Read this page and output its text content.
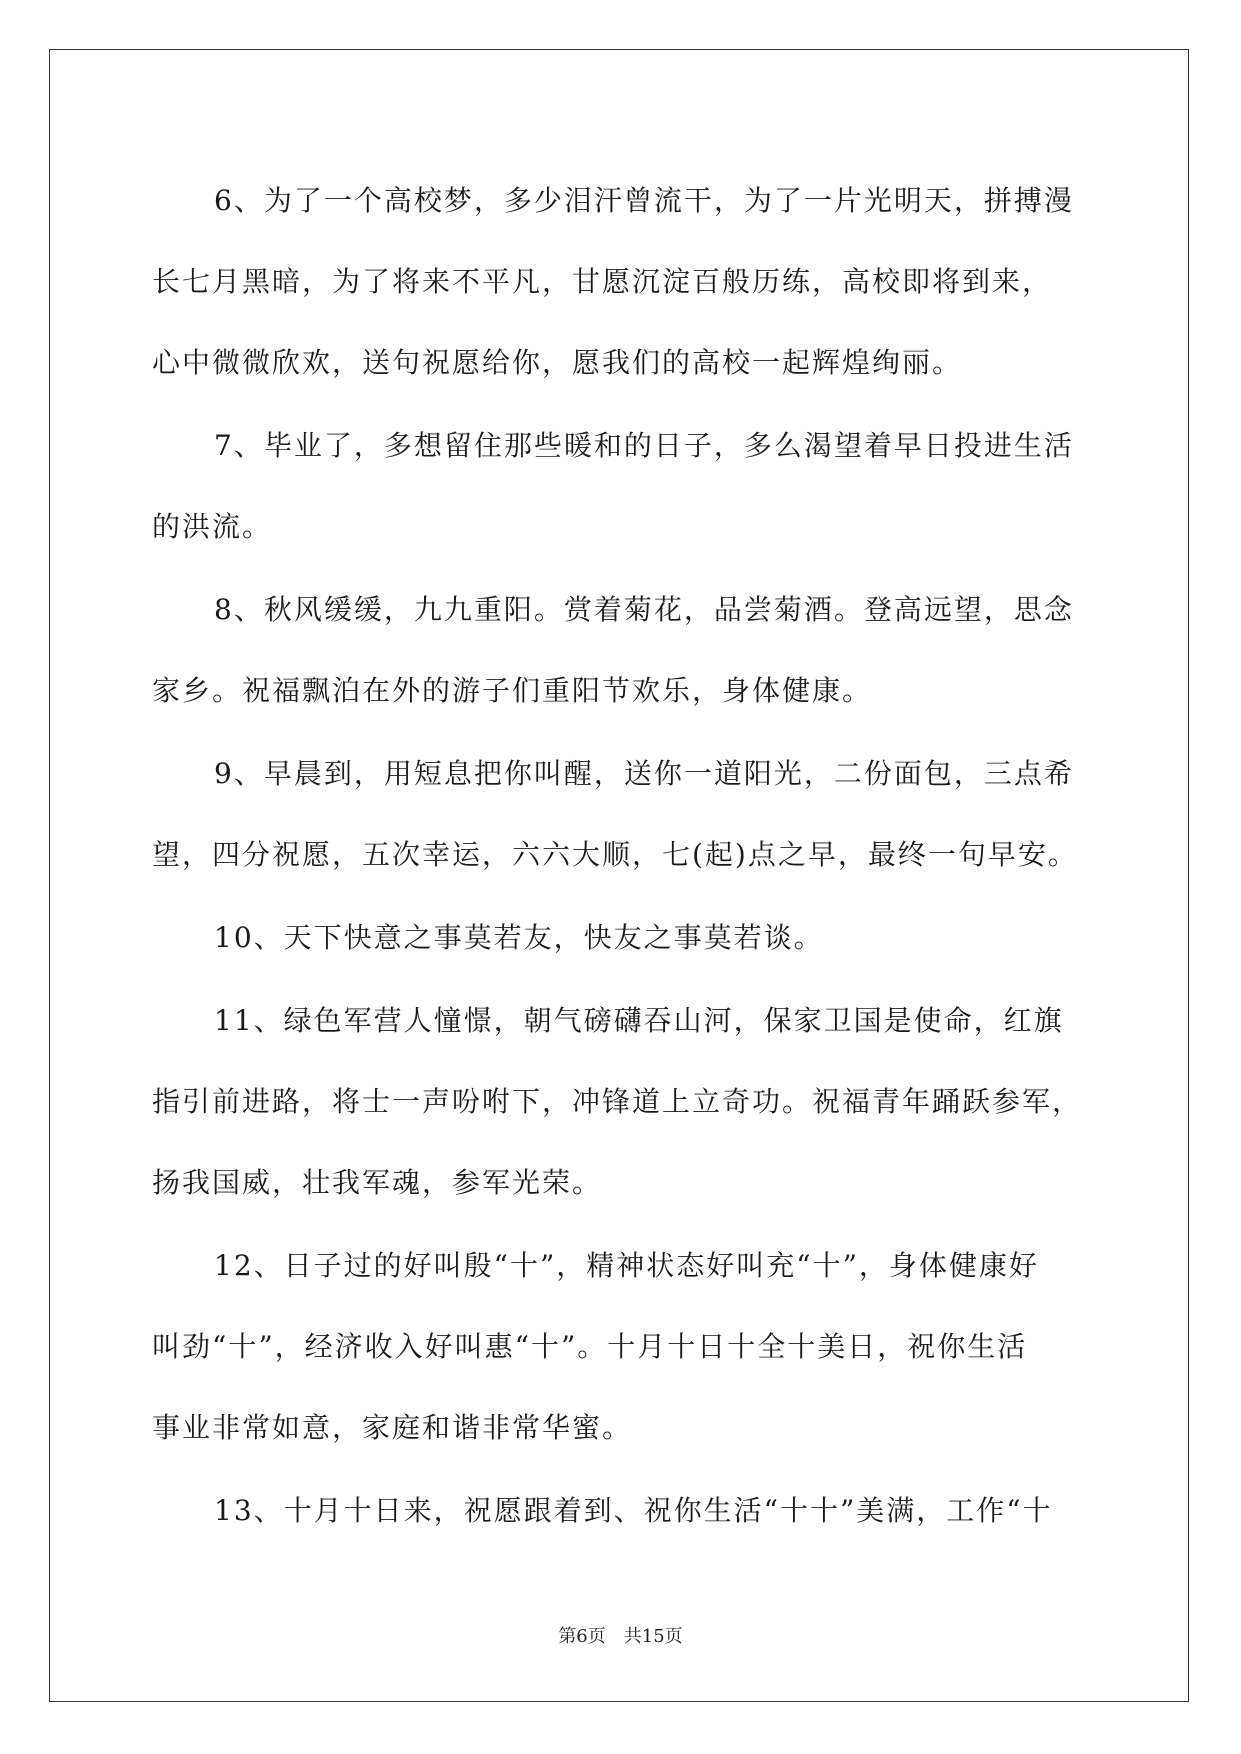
6、为了一个高校梦，多少泪汗曾流干，为了一片光明天，拼搏漫
长七月黑暗，为了将来不平凡，甘愿沉淀百般历练，高校即将到来，
心中微微欣欢，送句祝愿给你，愿我们的高校一起辉煌绚丽。
7、毕业了，多想留住那些暖和的日子，多么渴望着早日投进生活
的洪流。
8、秋风缓缓，九九重阳。赏着菊花，品尝菊酒。登高远望，思念
家乡。祝福飘泊在外的游子们重阳节欢乐，身体健康。
9、早晨到，用短息把你叫醒，送你一道阳光，二份面包，三点希
望，四分祝愿，五次幸运，六六大顺，七(起)点之早，最终一句早安。
10、天下快意之事莫若友，快友之事莫若谈。
11、绿色军营人憧憬，朝气磅礴吞山河，保家卫国是使命，红旗
指引前进路，将士一声吩咐下，冲锋道上立奇功。祝福青年踊跃参军，
扬我国威，壮我军魂，参军光荣。
12、日子过的好叫殷“十”，精神状态好叫充“十”，身体健康好
叫劲“十”，经济收入好叫惠“十”。十月十日十全十美日，祝你生活
事业非常如意，家庭和谐非常华蜜。
13、十月十日来，祝愿跟着到、祝你生活“十十”美满，工作“十
第6页　共15页
